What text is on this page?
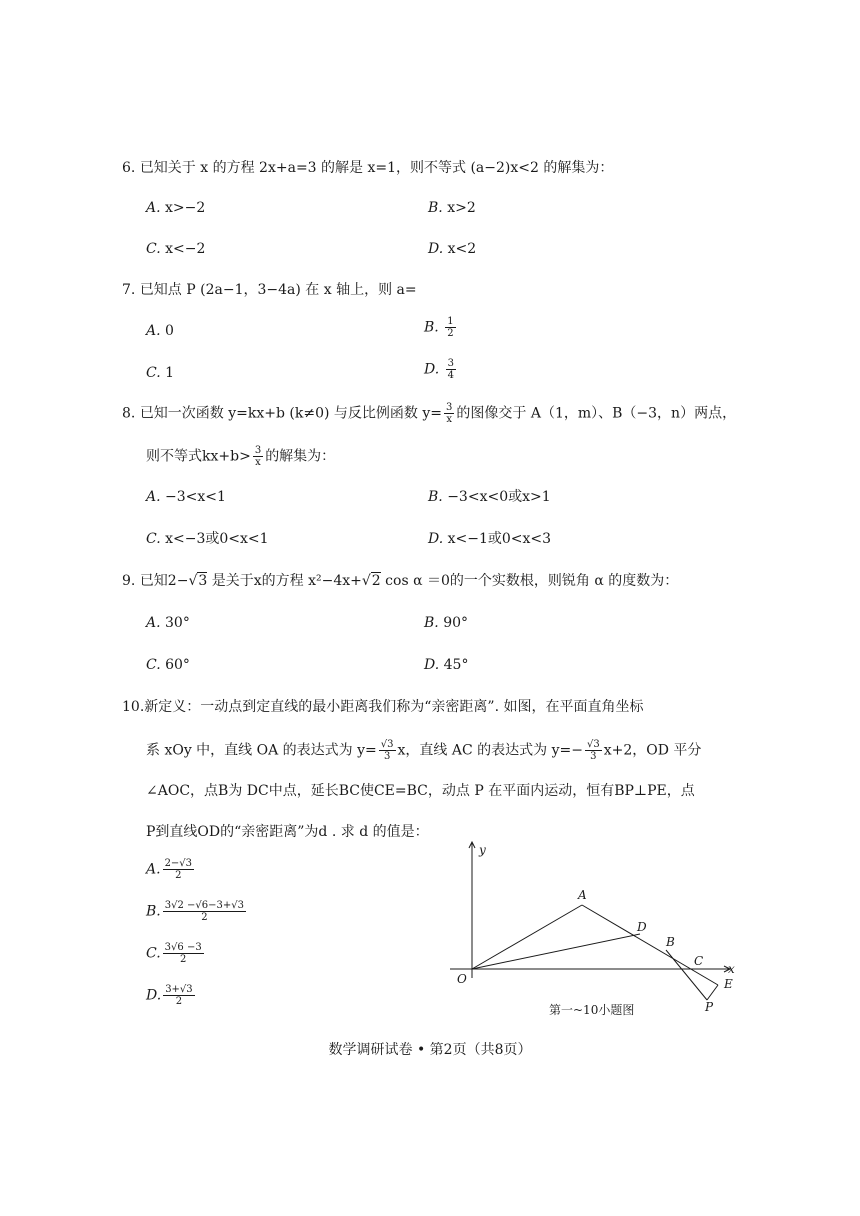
6. 已知关于 x 的方程 2x+a=3 的解是 x=1，则不等式 (a−2)x<2 的解集为：
A. x>−2	B. x>2
C. x<−2	D. x<2
7. 已知点 P (2a−1，3−4a) 在 x 轴上，则 a=
A. 0	B. $\frac{1}{2}$
C. 1	D. $\frac{3}{4}$
8. 已知一次函数 y=kx+b (k≠0) 与反比例函数 $y= \frac{3}{x}$ 的图像交于 A（1，m）、B（−3，n）两点，
则不等式$kx+b> \frac{3}{x}$ 的解集为：
A. −3<x<1	B. −3<x<0或x>1
C. x<−3或0<x<1	D. x<−1或0<x<3
9. 已知2−√3 是关于x的方程 x²−4x+√2 cos α ＝0的一个实数根，则锐角 α 的度数为：
A. 30°	B. 90°
C. 60°	D. 45°
10.新定义：一动点到定直线的最小距离我们称为“亲密距离”. 如图，在平面直角坐标
系 xOy 中，直线 OA 的表达式为 $y= \frac{√3}{3}$ x，直线 AC 的表达式为 $y=- \frac{√3}{3} x+2$，OD 平分
∠AOC，点B为 DC中点，延长BC使CE=BC，动点 P 在平面内运动，恒有BP⊥PE，点
P到直线OD的“亲密距离”为d . 求 d 的值是：
A. $\frac{2-√3}{2}$
B. $\frac{3√2 -√6-3+√3}{2}$
C. $\frac{3√6 -3}{2}$
D. $\frac{3+√3}{2}$
y
x
O
A
D
B
C
E
P
第一~10小题图
数学调研试卷 • 第2页（共8页）
